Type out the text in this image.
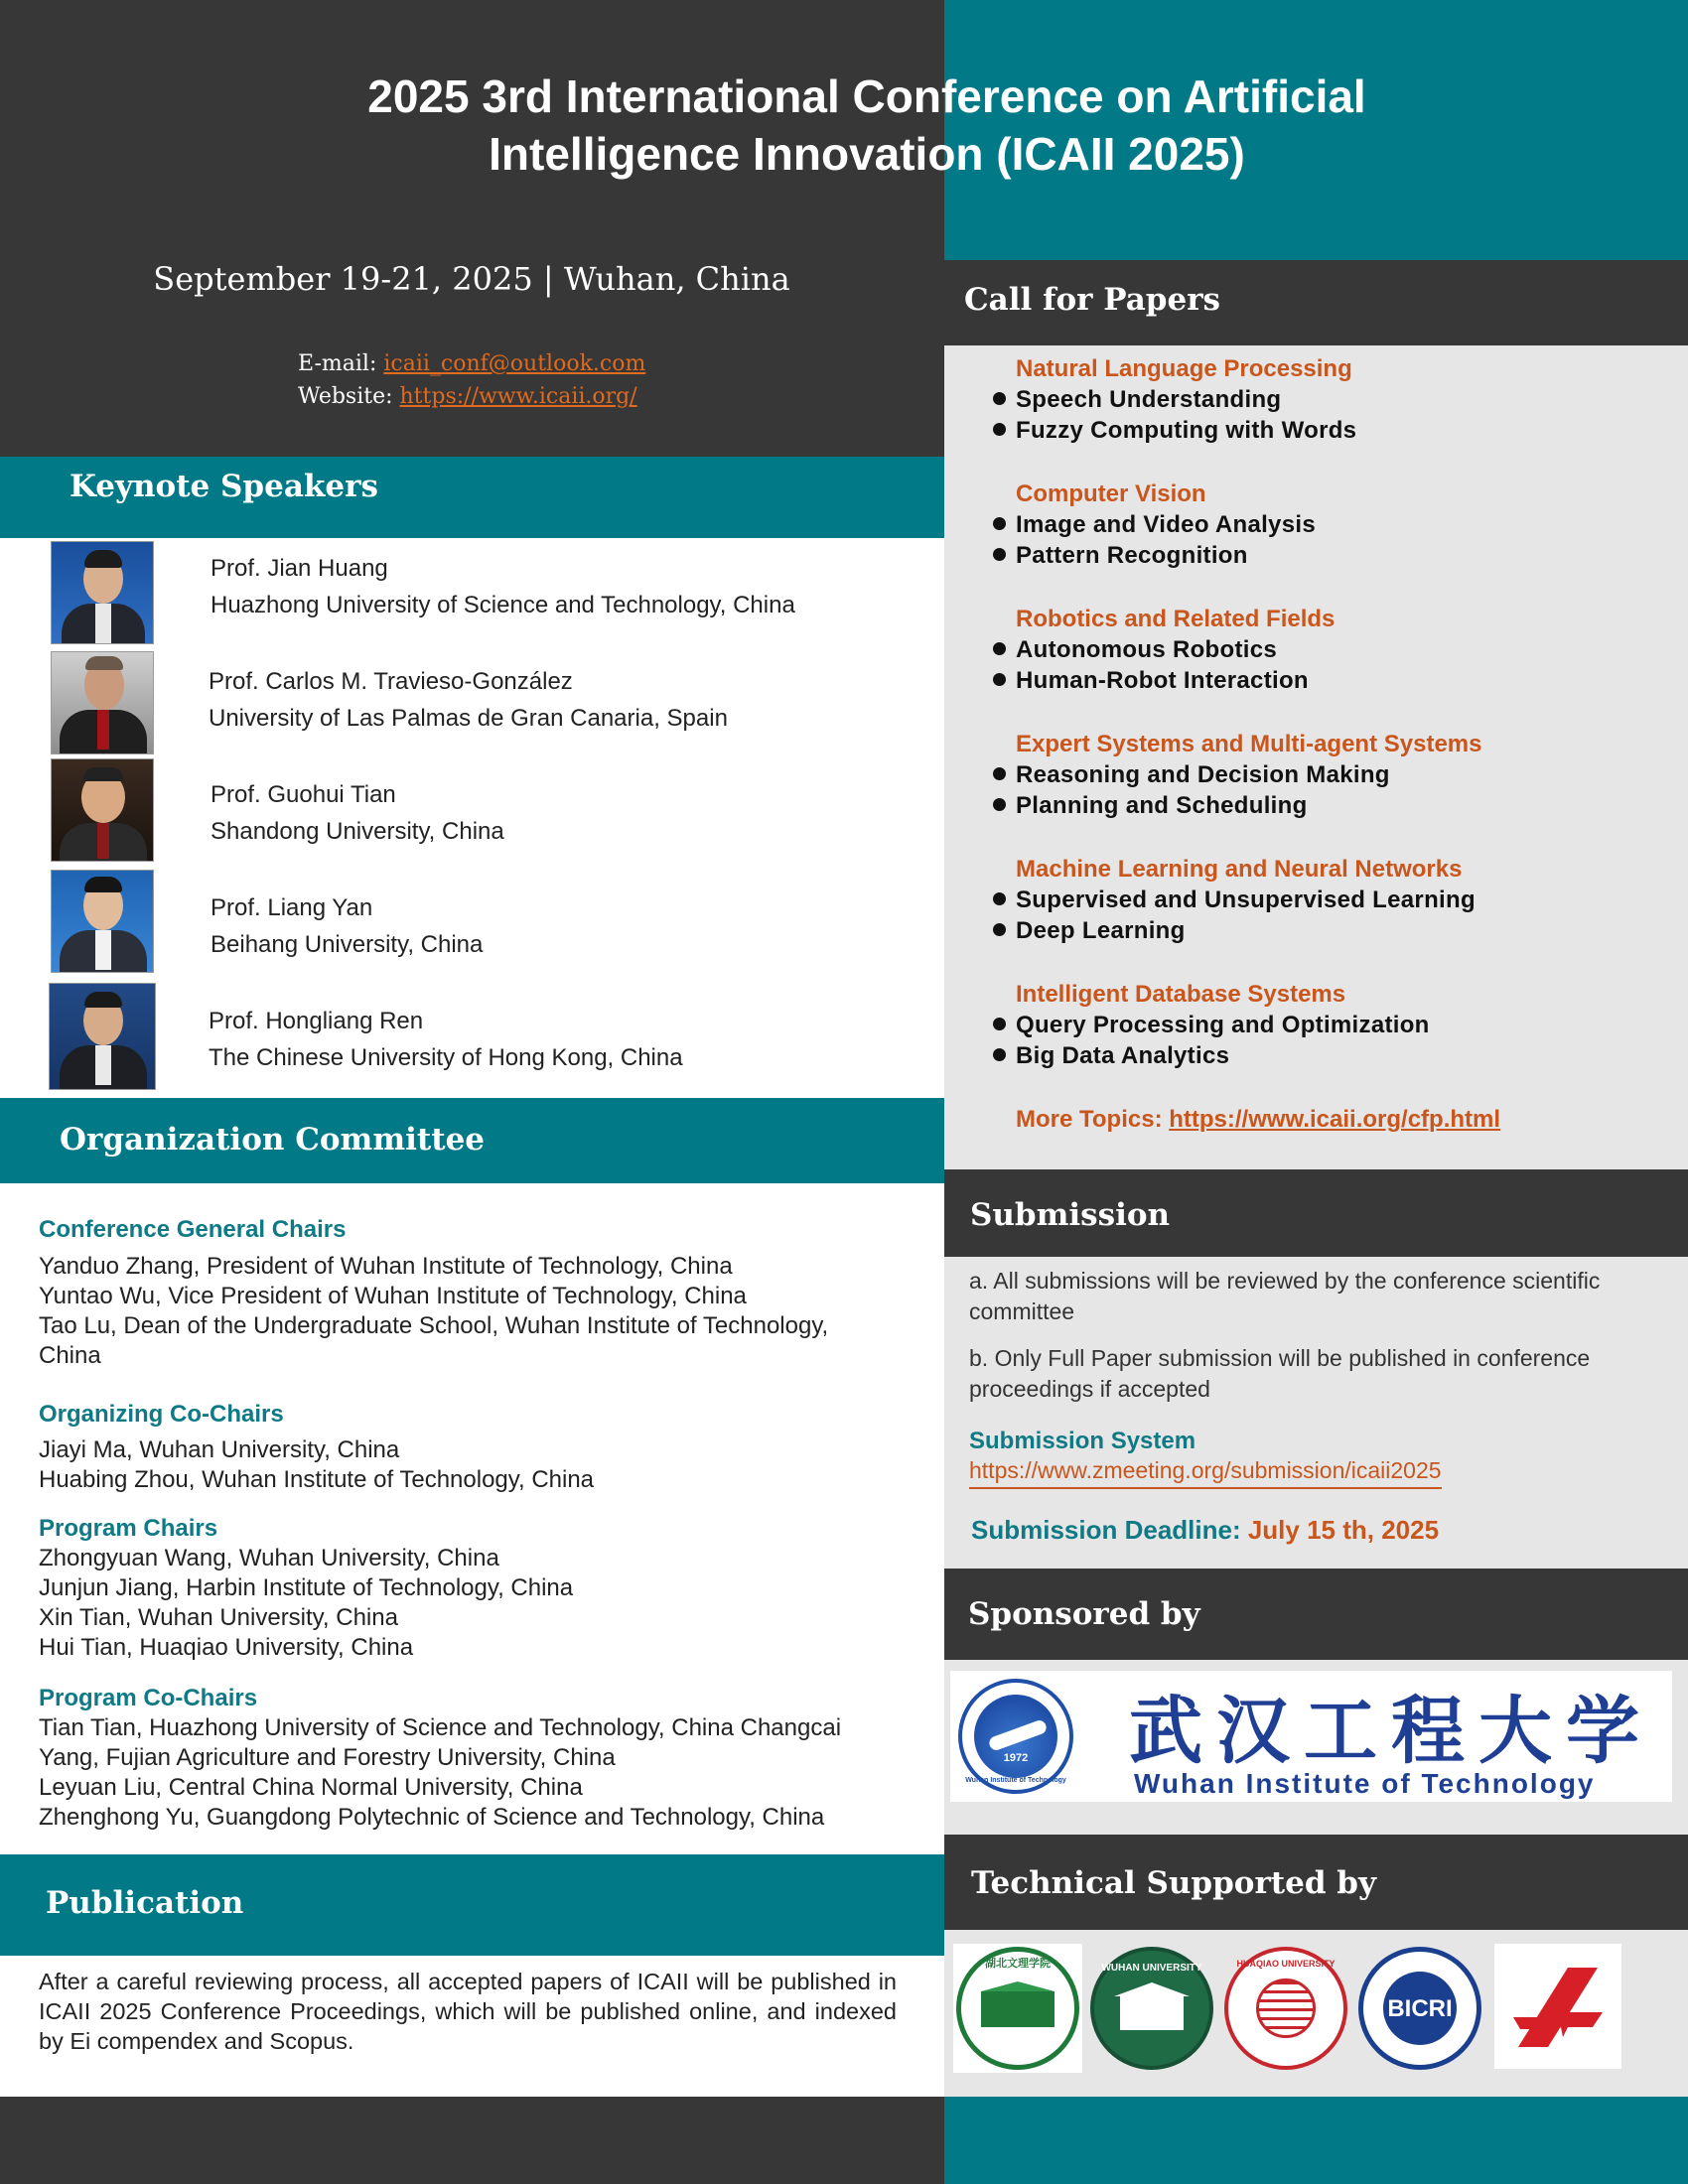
2025 3rd International Conference on Artificial
Intelligence Innovation (ICAII 2025)
September 19-21, 2025 | Wuhan, China
E-mail: icaii_conf@outlook.com
Website: https://www.icaii.org/
Keynote Speakers
Prof. Jian Huang
Huazhong University of Science and Technology, China
Prof. Carlos M. Travieso-González
University of Las Palmas de Gran Canaria, Spain
Prof. Guohui Tian
Shandong University, China
Prof. Liang Yan
Beihang University, China
Prof. Hongliang Ren
The Chinese University of Hong Kong, China
Organization Committee
Conference General Chairs
Yanduo Zhang, President of Wuhan Institute of Technology, China
Yuntao Wu, Vice President of Wuhan Institute of Technology, China
Tao Lu, Dean of the Undergraduate School, Wuhan Institute of Technology,
China
Organizing Co-Chairs
Jiayi Ma, Wuhan University, China
Huabing Zhou, Wuhan Institute of Technology, China
Program Chairs
Zhongyuan Wang, Wuhan University, China
Junjun Jiang, Harbin Institute of Technology, China
Xin Tian, Wuhan University, China
Hui Tian, Huaqiao University, China
Program Co-Chairs
Tian Tian, Huazhong University of Science and Technology, China Changcai
Yang, Fujian Agriculture and Forestry University, China
Leyuan Liu, Central China Normal University, China
Zhenghong Yu, Guangdong Polytechnic of Science and Technology, China
Publication
After a careful reviewing process, all accepted papers of ICAII will be published in ICAII 2025 Conference Proceedings, which will be published online, and indexed by Ei compendex and Scopus.
Call for Papers
Natural Language Processing
Speech Understanding
Fuzzy Computing with Words
Computer Vision
Image and Video Analysis
Pattern Recognition
Robotics and Related Fields
Autonomous Robotics
Human-Robot Interaction
Expert Systems and Multi-agent Systems
Reasoning and Decision Making
Planning and Scheduling
Machine Learning and Neural Networks
Supervised and Unsupervised Learning
Deep Learning
Intelligent Database Systems
Query Processing and Optimization
Big Data Analytics
More Topics: https://www.icaii.org/cfp.html
Submission
a. All submissions will be reviewed by the conference scientific committee
b. Only Full Paper submission will be published in conference proceedings if accepted
Submission System
https://www.zmeeting.org/submission/icaii2025
Submission Deadline: July 15 th, 2025
Sponsored by
1972
Wuhan Institute of Technology
武汉工程大学
Wuhan Institute of Technology
Technical Supported by
湖北文理学院	WUHAN UNIVERSITY	HUAQIAO UNIVERSITY
BICRI
